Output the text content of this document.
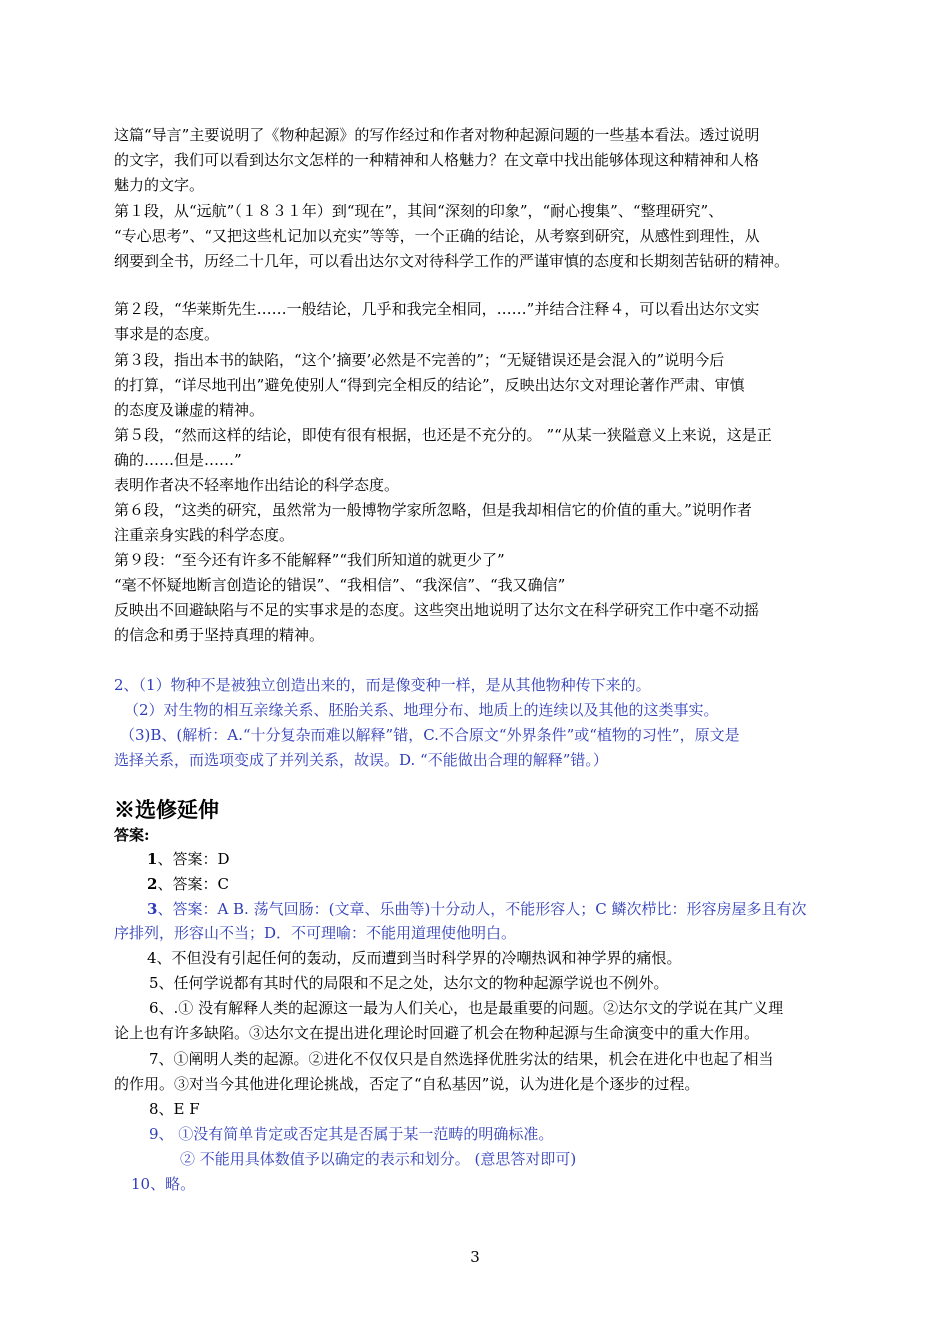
这篇“导言”主要说明了《物种起源》的写作经过和作者对物种起源问题的一些基本看法。透过说明
的文字，我们可以看到达尔文怎样的一种精神和人格魅力？在文章中找出能够体现这种精神和人格
魅力的文字。
第１段，从“远航”（１８３１年）到“现在”，其间“深刻的印象”，“耐心搜集”、“整理研究”、
“专心思考”、“又把这些札记加以充实”等等，一个正确的结论，从考察到研究，从感性到理性，从
纲要到全书，历经二十几年，可以看出达尔文对待科学工作的严谨审慎的态度和长期刻苦钻研的精神。
第２段，“华莱斯先生……一般结论，几乎和我完全相同，……”并结合注释４，可以看出达尔文实
事求是的态度。
第３段，指出本书的缺陷，“这个’摘要’必然是不完善的”；“无疑错误还是会混入的”说明今后
的打算，“详尽地刊出”避免使别人“得到完全相反的结论”，反映出达尔文对理论著作严肃、审慎
的态度及谦虚的精神。
第５段，“然而这样的结论，即使有很有根据，也还是不充分的。 ”“从某一狭隘意义上来说，这是正
确的……但是……”
表明作者决不轻率地作出结论的科学态度。
第６段，“这类的研究，虽然常为一般博物学家所忽略，但是我却相信它的价值的重大。”说明作者
注重亲身实践的科学态度。
第９段：“至今还有许多不能解释”“我们所知道的就更少了”
“毫不怀疑地断言创造论的错误”、“我相信”、“我深信”、“我又确信”
反映出不回避缺陷与不足的实事求是的态度。这些突出地说明了达尔文在科学研究工作中毫不动摇
的信念和勇于坚持真理的精神。
2、（1）物种不是被独立创造出来的，而是像变种一样，是从其他物种传下来的。
（2）对生物的相互亲缘关系、胚胎关系、地理分布、地质上的连续以及其他的这类事实。
（3)B、(解析：A.“十分复杂而难以解释”错，C.不合原文“外界条件”或“植物的习性”，原文是
选择关系，而选项变成了并列关系，故误。D. “不能做出合理的解释”错。）
※选修延伸
答案:
1、答案：D
2、答案：C
3、答案：A B. 荡气回肠：(文章、乐曲等)十分动人，不能形容人；C 鳞次栉比：形容房屋多且有次
序排列，形容山不当；D．不可理喻：不能用道理使他明白。
4、不但没有引起任何的轰动，反而遭到当时科学界的冷嘲热讽和神学界的痛恨。
5、任何学说都有其时代的局限和不足之处，达尔文的物种起源学说也不例外。
6、.① 没有解释人类的起源这一最为人们关心，也是最重要的问题。②达尔文的学说在其广义理
论上也有许多缺陷。③达尔文在提出进化理论时回避了机会在物种起源与生命演变中的重大作用。
7、①阐明人类的起源。②进化不仅仅只是自然选择优胜劣汰的结果，机会在进化中也起了相当
的作用。③对当今其他进化理论挑战，否定了“自私基因”说，认为进化是个逐步的过程。
8、E F
9、 ①没有简单肯定或否定其是否属于某一范畴的明确标准。
② 不能用具体数值予以确定的表示和划分。 (意思答对即可)
10、略。
3
